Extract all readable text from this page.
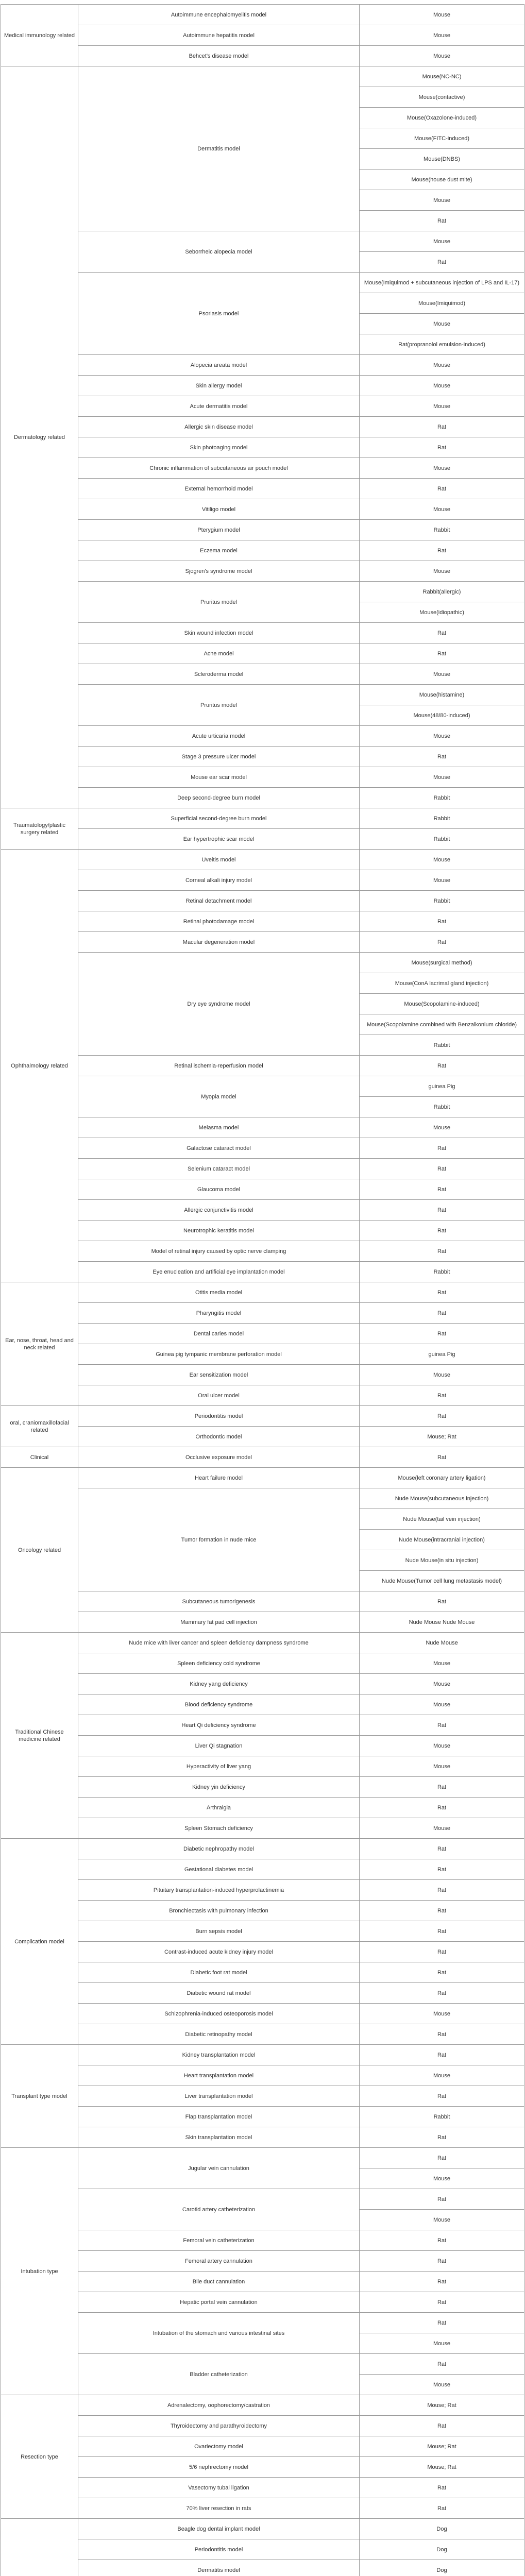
Medical immunology related	Autoimmune encephalomyelitis model	Mouse
	Autoimmune hepatitis model	Mouse
	Behcet's disease model	Mouse
Dermatology related	Dermatitis model	Mouse(NC-NC)
		Mouse(contactive)
		Mouse(Oxazolone-induced)
		Mouse(FITC-induced)
		Mouse(DNBS)
		Mouse(house dust mite)
		Mouse
		Rat
	Seborrheic alopecia model	Mouse
		Rat
	Psoriasis model	Mouse(Imiquimod + subcutaneous injection of LPS and IL-17)
		Mouse(Imiquimod)
		Mouse
		Rat(propranolol emulsion-induced)
	Alopecia areata model	Mouse
	Skin allergy model	Mouse
	Acute dermatitis model	Mouse
	Allergic skin disease model	Rat
	Skin photoaging model	Rat
	Chronic inflammation of subcutaneous air pouch model	Mouse
	External hemorrhoid model	Rat
	Vitiligo model	Mouse
	Pterygium model	Rabbit
	Eczema model	Rat
	Sjogren's syndrome model	Mouse
	Pruritus model	Rabbit(allergic)
		Mouse(idiopathic)
	Skin wound infection model	Rat
	Acne model	Rat
	Scleroderma model	Mouse
	Pruritus model	Mouse(histamine)
		Mouse(48/80-induced)
	Acute urticaria model	Mouse
	Stage 3 pressure ulcer model	Rat
	Mouse ear scar model	Mouse
	Deep second-degree burn model	Rabbit
Traumatology/plastic surgery related	Superficial second-degree burn model	Rabbit
	Ear hypertrophic scar model	Rabbit
Ophthalmology related	Uveitis model	Mouse
	Corneal alkali injury model	Mouse
	Retinal detachment model	Rabbit
	Retinal photodamage model	Rat
	Macular degeneration model	Rat
	Dry eye syndrome model	Mouse(surgical method)
		Mouse(ConA lacrimal gland injection)
		Mouse(Scopolamine-induced)
		Mouse(Scopolamine combined with Benzalkonium chloride)
		Rabbit
	Retinal ischemia-reperfusion model	Rat
	Myopia model	guinea Pig
		Rabbit
	Melasma model	Mouse
	Galactose cataract model	Rat
	Selenium cataract model	Rat
	Glaucoma model	Rat
	Allergic conjunctivitis model	Rat
	Neurotrophic keratitis model	Rat
	Model of retinal injury caused by optic nerve clamping	Rat
	Eye enucleation and artificial eye implantation model	Rabbit
Ear, nose, throat, head and neck related	Otitis media model	Rat
	Pharyngitis model	Rat
	Dental caries model	Rat
	Guinea pig tympanic membrane perforation model	guinea Pig
	Ear sensitization model	Mouse
	Oral ulcer model	Rat
oral, craniomaxillofacial related	Periodontitis model	Rat
	Orthodontic model	Mouse; Rat
Clinical	Occlusive exposure model	Rat
Oncology related	Heart failure model	Mouse(left coronary artery ligation)
	Tumor formation in nude mice	Nude Mouse(subcutaneous injection)
		Nude Mouse(tail vein injection)
		Nude Mouse(intracranial injection)
		Nude Mouse(in situ injection)
		Nude Mouse(Tumor cell lung metastasis model)
	Subcutaneous tumorigenesis	Rat
	Mammary fat pad cell injection	Nude Mouse Nude Mouse
Traditional Chinese medicine related	Nude mice with liver cancer and spleen deficiency dampness syndrome	Nude Mouse
	Spleen deficiency cold syndrome	Mouse
	Kidney yang deficiency	Mouse
	Blood deficiency syndrome	Mouse
	Heart Qi deficiency syndrome	Rat
	Liver Qi stagnation	Mouse
	Hyperactivity of liver yang	Mouse
	Kidney yin deficiency	Rat
	Arthralgia	Rat
	Spleen Stomach deficiency	Mouse
Complication model	Diabetic nephropathy model	Rat
	Gestational diabetes model	Rat
	Pituitary transplantation-induced hyperprolactinemia	Rat
	Bronchiectasis with pulmonary infection	Rat
	Burn sepsis model	Rat
	Contrast-induced acute kidney injury model	Rat
	Diabetic foot rat model	Rat
	Diabetic wound rat model	Rat
	Schizophrenia-induced osteoporosis model	Mouse
	Diabetic retinopathy model	Rat
Transplant type model	Kidney transplantation model	Rat
	Heart transplantation model	Mouse
	Liver transplantation model	Rat
	Flap transplantation model	Rabbit
	Skin transplantation model	Rat
Intubation type	Jugular vein cannulation	Rat
		Mouse
	Carotid artery catheterization	Rat
		Mouse
	Femoral vein catheterization	Rat
	Femoral artery cannulation	Rat
	Bile duct cannulation	Rat
	Hepatic portal vein cannulation	Rat
	Intubation of the stomach and various intestinal sites	Rat
		Mouse
	Bladder catheterization	Rat
		Mouse
Resection type	Adrenalectomy, oophorectomy/castration	Mouse; Rat
	Thyroidectomy and parathyroidectomy	Rat
	Ovariectomy model	Mouse; Rat
	5/6 nephrectomy model	Mouse; Rat
	Vasectomy tubal ligation	Rat
	70% liver resection in rats	Rat
	Beagle dog dental implant model	Dog
	Periodontitis model	Dog
	Dermatitis model	Dog
